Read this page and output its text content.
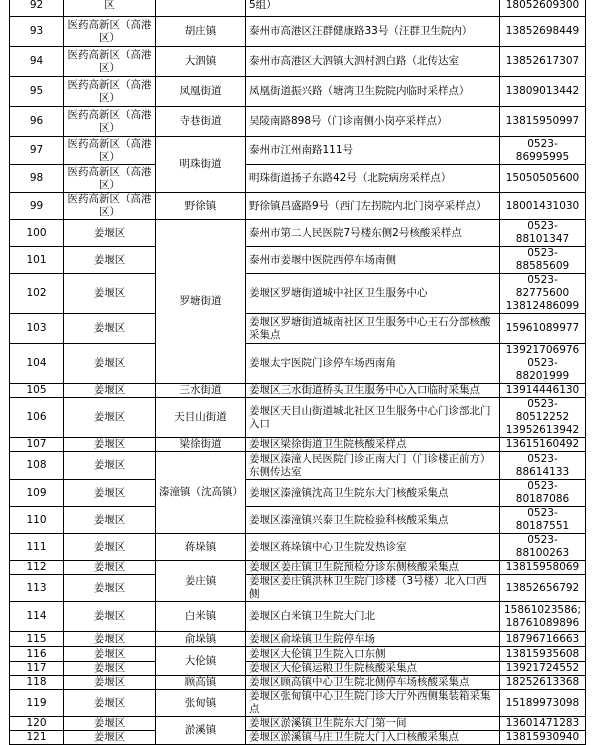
92	区		5组）	18052609300
93	医药高新区（高港区）	胡庄镇	泰州市高港区汪群健康路33号（汪群卫生院内）	13852698449
94	医药高新区（高港区）	大泗镇	泰州市高港区大泗镇大泗村泗白路（北传达室	13852617307
95	医药高新区（高港区）	凤凰街道	凤凰街道振兴路（塘湾卫生院院内临时采样点）	13809013442
96	医药高新区（高港区）	寺巷街道	吴陵南路898号（门诊南侧小岗亭采样点）	13815950997
97	医药高新区（高港区）	明珠街道	泰州市江州南路111号	0523-86995995
98	医药高新区（高港区）		明珠街道扬子东路42号（北院病房采样点）	15050505600
99	医药高新区（高港区）	野徐镇	野徐镇昌盛路9号（西门左拐院内北门岗亭采样点）	18001431030
100	姜堰区	罗塘街道	泰州市第二人民医院7号楼东侧2号核酸采样点	0523-88101347
101	姜堰区		泰州市姜堰中医院西停车场南侧	0523-88585609
102	姜堰区		姜堰区罗塘街道城中社区卫生服务中心	0523-82775600
13812486099
103	姜堰区		姜堰区罗塘街道城南社区卫生服务中心王石分部核酸采集点	15961089977
104	姜堰区		姜堰太宇医院门诊停车场西南角	13921706976
0523-88201999
105	姜堰区	三水街道	姜堰区三水街道桥头卫生服务中心入口临时采集点	13914446130
106	姜堰区	天目山街道	姜堰区天目山街道城北社区卫生服务中心门诊部北门入口	0523-80512252
13952613942
107	姜堰区	梁徐街道	姜堰区梁徐街道卫生院核酸采样点	13615160492
108	姜堰区	溱潼镇（沈高镇）	姜堰区溱潼人民医院门诊正南大门（门诊楼正前方）东侧传达室	0523-88614133
109	姜堰区		姜堰区溱潼镇沈高卫生院东大门核酸采集点	0523-80187086
110	姜堰区		姜堰区溱潼镇兴泰卫生院检验科核酸采集点	0523-80187551
111	姜堰区	蒋垛镇	姜堰区蒋垛镇中心卫生院发热诊室	0523-88100263
112	姜堰区	姜庄镇	姜堰区姜庄镇卫生院预检分诊东侧核酸采集点	13815958069
113	姜堰区		姜堰区姜庄镇洪林卫生院门诊楼（3号楼）北入口西侧	13852656792
114	姜堰区	白米镇	姜堰区白米镇卫生院大门北	15861023586;
18761089896
115	姜堰区	俞垛镇	姜堰区俞垛镇卫生院停车场	18796716663
116	姜堰区	大伦镇	姜堰区大伦镇卫生院入口东侧	13815935608
117	姜堰区		姜堰区大伦镇运粮卫生院核酸采集点	13921724552
118	姜堰区	顾高镇	姜堰区顾高镇中心卫生院北侧停车场核酸采集点	18252613368
119	姜堰区	张甸镇	姜堰区张甸镇中心卫生院门诊大厅外西侧集装箱采集点	15189973098
120	姜堰区	淤溪镇	姜堰区淤溪镇卫生院东大门第一间	13601471283
121	姜堰区		姜堰区淤溪镇马庄卫生院大门入口核酸采集点	13815930940
